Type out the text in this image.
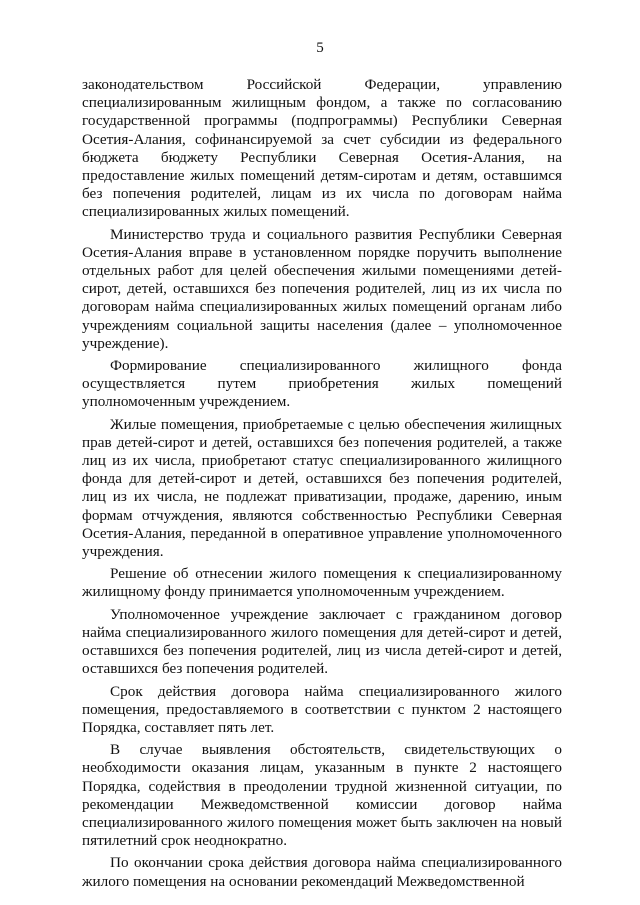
5

законодательством Российской Федерации, управлению специализированным жилищным фондом, а также по согласованию государственной программы (подпрограммы) Республики Северная Осетия-Алания, софинансируемой за счет субсидии из федерального бюджета бюджету Республики Северная Осетия-Алания, на предоставление жилых помещений детям-сиротам и детям, оставшимся без попечения родителей, лицам из их числа по договорам найма специализированных жилых помещений.

Министерство труда и социального развития Республики Северная Осетия-Алания вправе в установленном порядке поручить выполнение отдельных работ для целей обеспечения жилыми помещениями детей-сирот, детей, оставшихся без попечения родителей, лиц из их числа по договорам найма специализированных жилых помещений органам либо учреждениям социальной защиты населения (далее – уполномоченное учреждение).

Формирование специализированного жилищного фонда осуществляется путем приобретения жилых помещений уполномоченным учреждением.

Жилые помещения, приобретаемые с целью обеспечения жилищных прав детей-сирот и детей, оставшихся без попечения родителей, а также лиц из их числа, приобретают статус специализированного жилищного фонда для детей-сирот и детей, оставшихся без попечения родителей, лиц из их числа, не подлежат приватизации, продаже, дарению, иным формам отчуждения, являются собственностью Республики Северная Осетия-Алания, переданной в оперативное управление уполномоченного учреждения.

Решение об отнесении жилого помещения к специализированному жилищному фонду принимается уполномоченным учреждением.

Уполномоченное учреждение заключает с гражданином договор найма специализированного жилого помещения для детей-сирот и детей, оставшихся без попечения родителей, лиц из числа детей-сирот и детей, оставшихся без попечения родителей.

Срок действия договора найма специализированного жилого помещения, предоставляемого в соответствии с пунктом 2 настоящего Порядка, составляет пять лет.

В случае выявления обстоятельств, свидетельствующих о необходимости оказания лицам, указанным в пункте 2 настоящего Порядка, содействия в преодолении трудной жизненной ситуации, по рекомендации Межведомственной комиссии договор найма специализированного жилого помещения может быть заключен на новый пятилетний срок неоднократно.

По окончании срока действия договора найма специализированного жилого помещения на основании рекомендаций Межведомственной
